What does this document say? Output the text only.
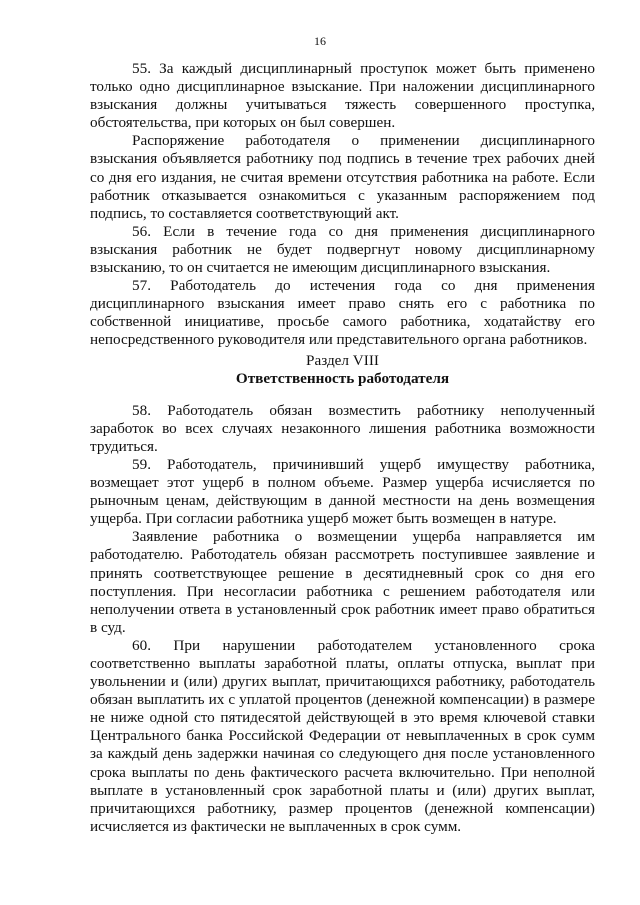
16

55. За каждый дисциплинарный проступок может быть применено только одно дисциплинарное взыскание. При наложении дисциплинарного взыскания должны учитываться тяжесть совершенного проступка, обстоятельства, при которых он был совершен.

Распоряжение работодателя о применении дисциплинарного взыскания объявляется работнику под подпись в течение трех рабочих дней со дня его издания, не считая времени отсутствия работника на работе. Если работник отказывается ознакомиться с указанным распоряжением под подпись, то составляется соответствующий акт.

56. Если в течение года со дня применения дисциплинарного взыскания работник не будет подвергнут новому дисциплинарному взысканию, то он считается не имеющим дисциплинарного взыскания.

57. Работодатель до истечения года со дня применения дисциплинарного взыскания имеет право снять его с работника по собственной инициативе, просьбе самого работника, ходатайству его непосредственного руководителя или представительного органа работников.

Раздел VIII
Ответственность работодателя

58. Работодатель обязан возместить работнику неполученный заработок во всех случаях незаконного лишения работника возможности трудиться.

59. Работодатель, причинивший ущерб имуществу работника, возмещает этот ущерб в полном объеме. Размер ущерба исчисляется по рыночным ценам, действующим в данной местности на день возмещения ущерба. При согласии работника ущерб может быть возмещен в натуре.

Заявление работника о возмещении ущерба направляется им работодателю. Работодатель обязан рассмотреть поступившее заявление и принять соответствующее решение в десятидневный срок со дня его поступления. При несогласии работника с решением работодателя или неполучении ответа в установленный срок работник имеет право обратиться в суд.

60. При нарушении работодателем установленного срока соответственно выплаты заработной платы, оплаты отпуска, выплат при увольнении и (или) других выплат, причитающихся работнику, работодатель обязан выплатить их с уплатой процентов (денежной компенсации) в размере не ниже одной сто пятидесятой действующей в это время ключевой ставки Центрального банка Российской Федерации от невыплаченных в срок сумм за каждый день задержки начиная со следующего дня после установленного срока выплаты по день фактического расчета включительно. При неполной выплате в установленный срок заработной платы и (или) других выплат, причитающихся работнику, размер процентов (денежной компенсации) исчисляется из фактически не выплаченных в срок сумм.
